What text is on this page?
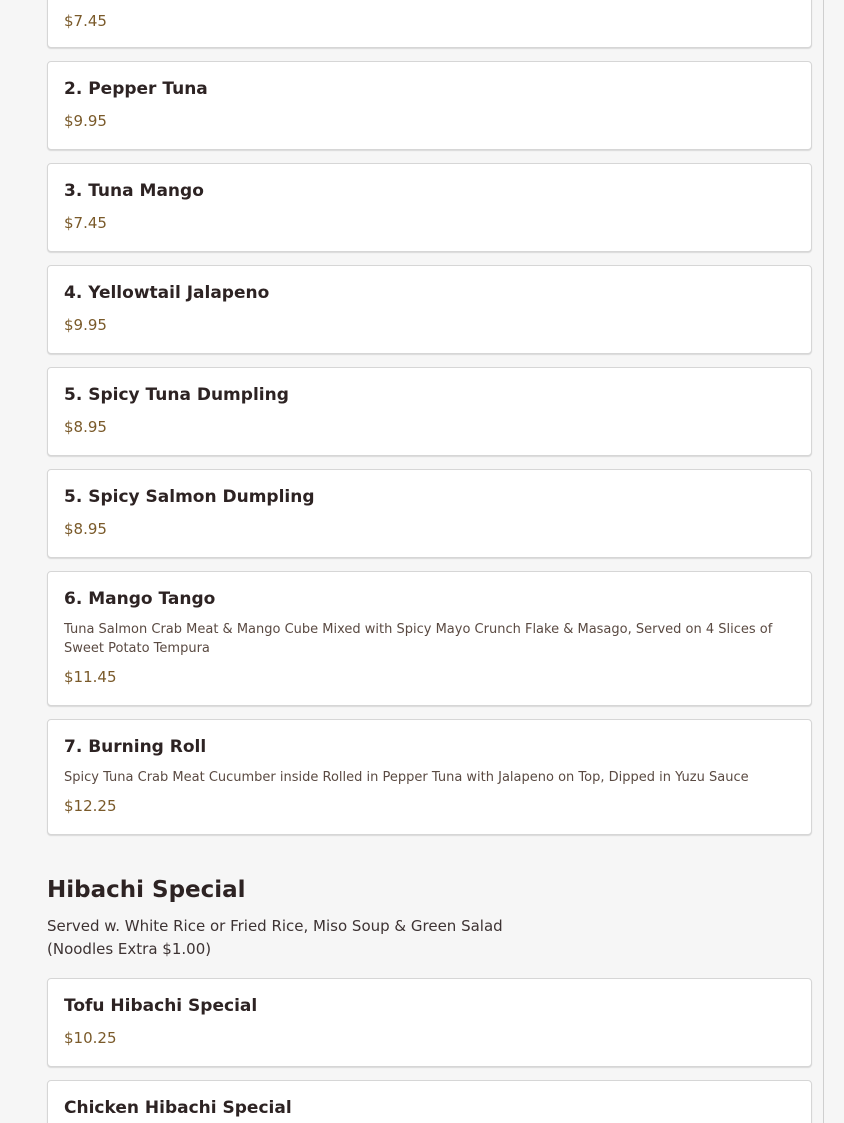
$7.45
2. Pepper Tuna
$9.95
3. Tuna Mango
$7.45
4. Yellowtail Jalapeno
$9.95
5. Spicy Tuna Dumpling
$8.95
5. Spicy Salmon Dumpling
$8.95
6. Mango Tango
Tuna Salmon Crab Meat & Mango Cube Mixed with Spicy Mayo Crunch Flake & Masago, Served on 4 Slices of Sweet Potato Tempura
$11.45
7. Burning Roll
Spicy Tuna Crab Meat Cucumber inside Rolled in Pepper Tuna with Jalapeno on Top, Dipped in Yuzu Sauce
$12.25
Hibachi Special
Served w. White Rice or Fried Rice, Miso Soup & Green Salad
(Noodles Extra $1.00)
Tofu Hibachi Special
$10.25
Chicken Hibachi Special
